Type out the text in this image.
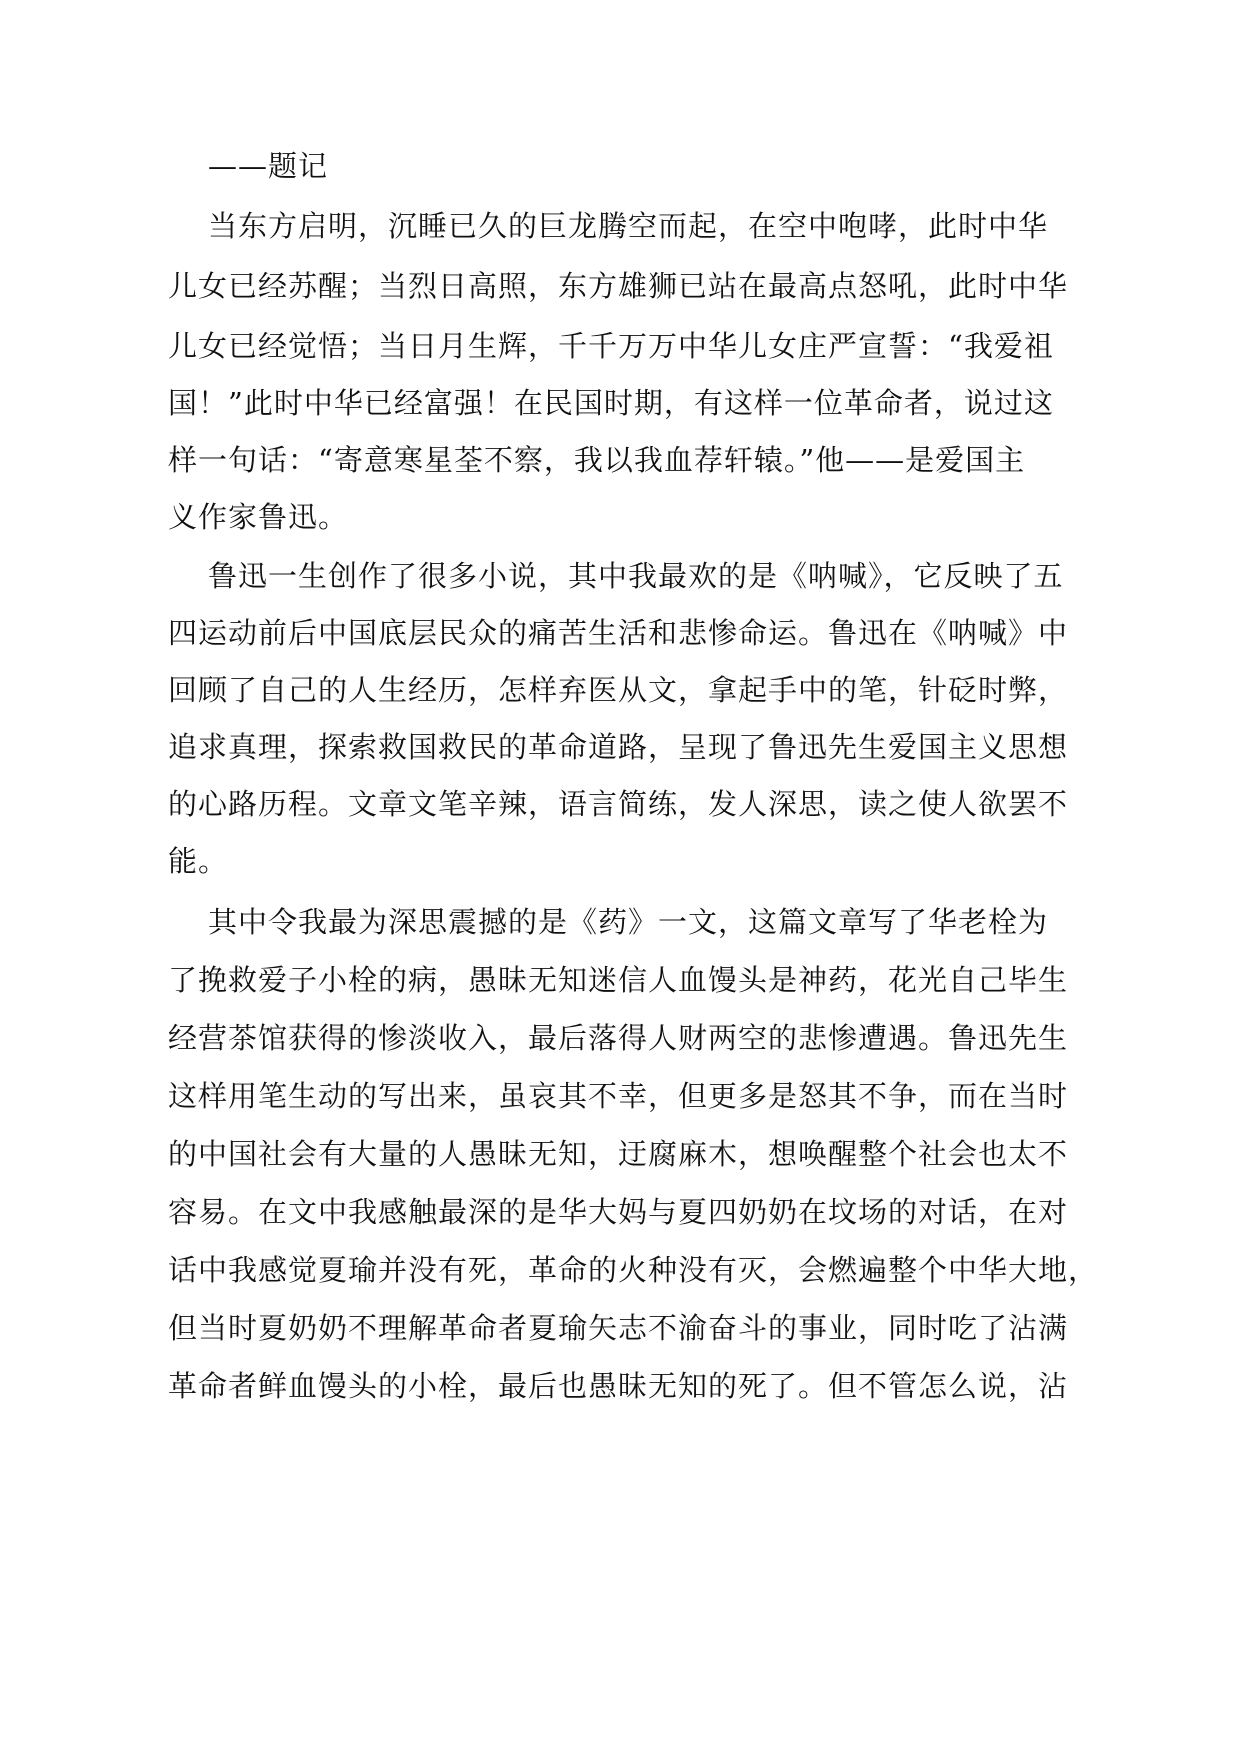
——题记
当东方启明，沉睡已久的巨龙腾空而起，在空中咆哮，此时中华
儿女已经苏醒；当烈日高照，东方雄狮已站在最高点怒吼，此时中华
儿女已经觉悟；当日月生辉，千千万万中华儿女庄严宣誓：“我爱祖
国！”此时中华已经富强！在民国时期，有这样一位革命者，说过这
样一句话：“寄意寒星荃不察，我以我血荐轩辕。”他——是爱国主
义作家鲁迅。
鲁迅一生创作了很多小说，其中我最欢的是《呐喊》，它反映了五
四运动前后中国底层民众的痛苦生活和悲惨命运。鲁迅在《呐喊》中
回顾了自己的人生经历，怎样弃医从文，拿起手中的笔，针砭时弊，
追求真理，探索救国救民的革命道路，呈现了鲁迅先生爱国主义思想
的心路历程。文章文笔辛辣，语言简练，发人深思，读之使人欲罢不
能。
其中令我最为深思震撼的是《药》一文，这篇文章写了华老栓为
了挽救爱子小栓的病，愚昧无知迷信人血馒头是神药，花光自己毕生
经营茶馆获得的惨淡收入，最后落得人财两空的悲惨遭遇。鲁迅先生
这样用笔生动的写出来，虽哀其不幸，但更多是怒其不争，而在当时
的中国社会有大量的人愚昧无知，迂腐麻木，想唤醒整个社会也太不
容易。在文中我感触最深的是华大妈与夏四奶奶在坟场的对话，在对
话中我感觉夏瑜并没有死，革命的火种没有灭，会燃遍整个中华大地，
但当时夏奶奶不理解革命者夏瑜矢志不渝奋斗的事业，同时吃了沾满
革命者鲜血馒头的小栓，最后也愚昧无知的死了。但不管怎么说，沾
